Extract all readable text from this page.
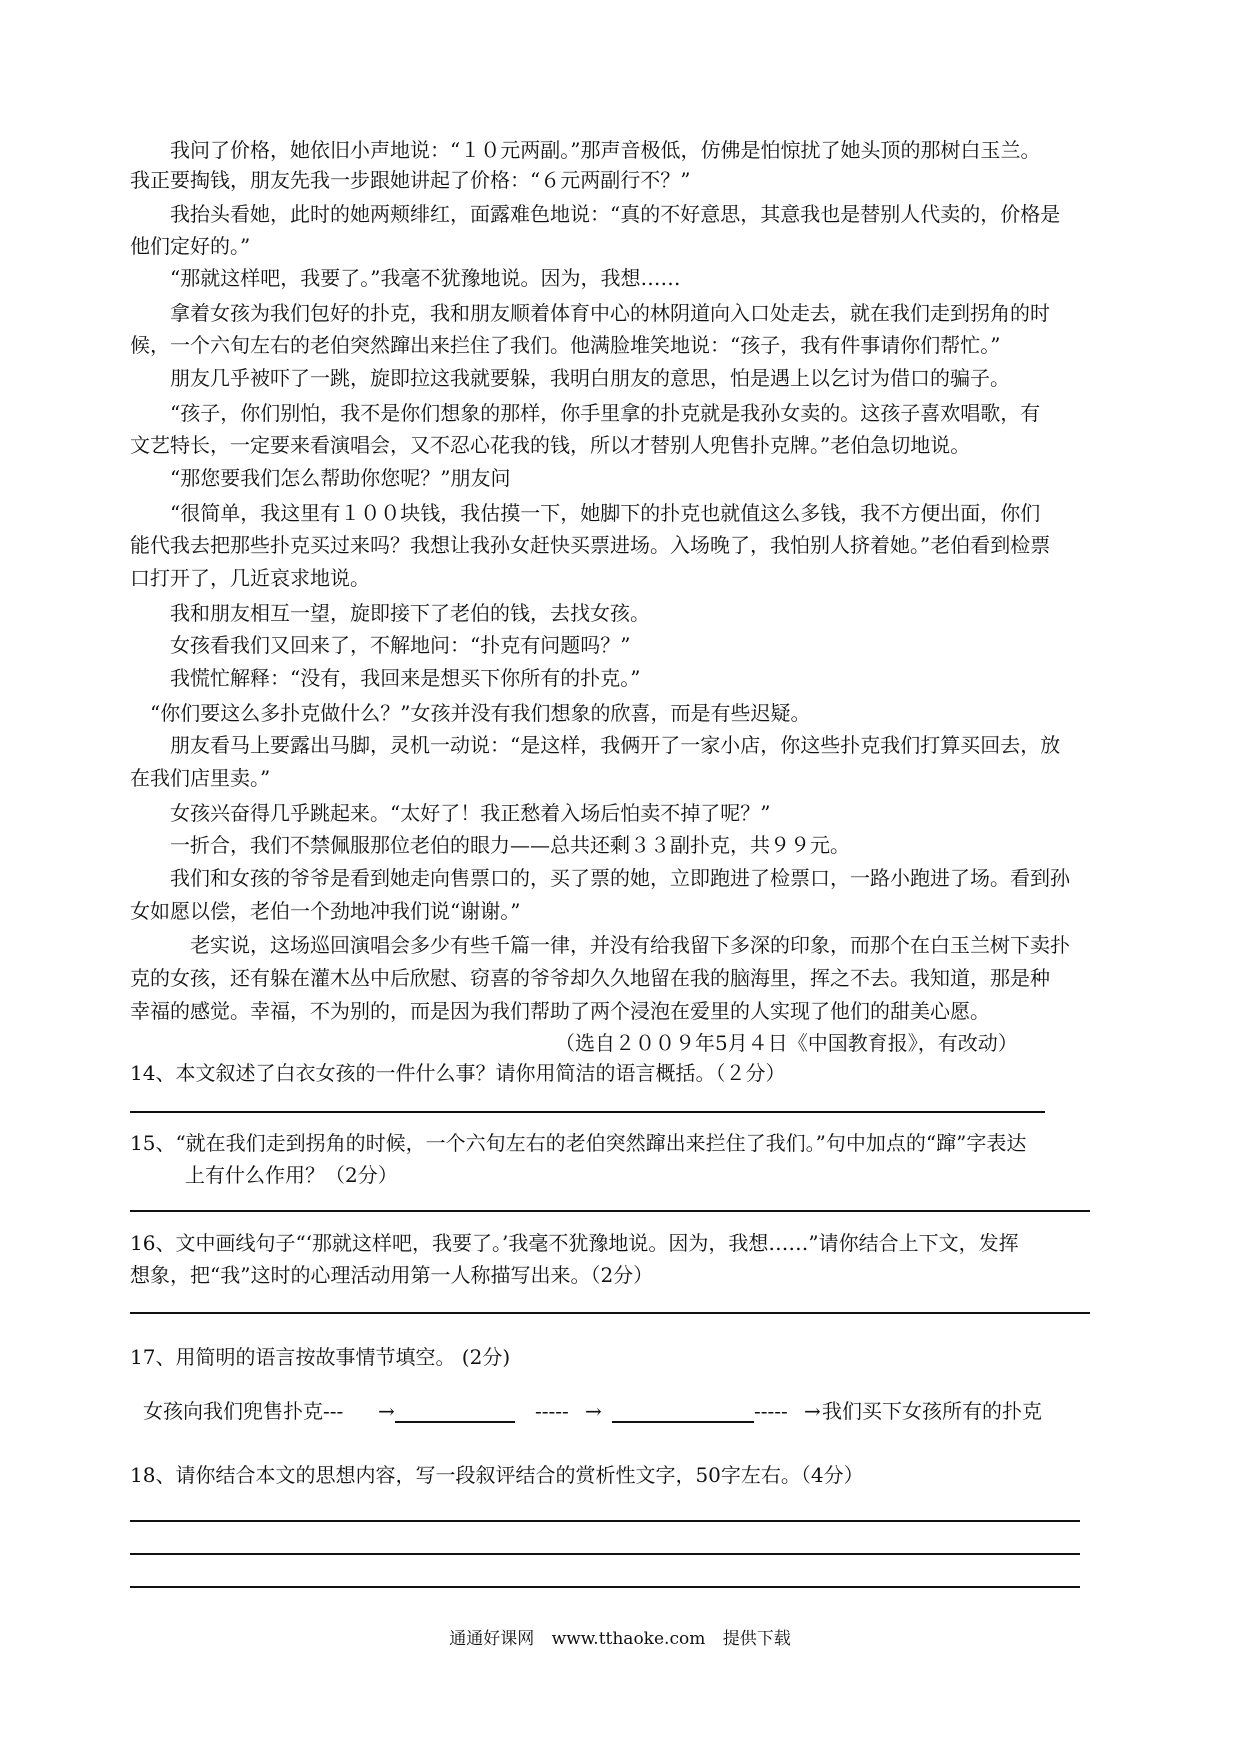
　　我问了价格，她依旧小声地说：“１０元两副。”那声音极低，仿佛是怕惊扰了她头顶的那树白玉兰。
我正要掏钱，朋友先我一步跟她讲起了价格：“６元两副行不？”
　　我抬头看她，此时的她两颊绯红，面露难色地说：“真的不好意思，其意我也是替别人代卖的，价格是
他们定好的。”
　　“那就这样吧，我要了。”我毫不犹豫地说。因为，我想……
　　拿着女孩为我们包好的扑克，我和朋友顺着体育中心的林阴道向入口处走去，就在我们走到拐角的时
候，一个六旬左右的老伯突然蹿出来拦住了我们。他满脸堆笑地说：“孩子，我有件事请你们帮忙。”
　　朋友几乎被吓了一跳，旋即拉这我就要躲，我明白朋友的意思，怕是遇上以乞讨为借口的骗子。
　　“孩子，你们别怕，我不是你们想象的那样，你手里拿的扑克就是我孙女卖的。这孩子喜欢唱歌，有
文艺特长，一定要来看演唱会，又不忍心花我的钱，所以才替别人兜售扑克牌。”老伯急切地说。
　　“那您要我们怎么帮助你您呢？”朋友问
　　“很简单，我这里有１００块钱，我估摸一下，她脚下的扑克也就值这么多钱，我不方便出面，你们
能代我去把那些扑克买过来吗？我想让我孙女赶快买票进场。入场晚了，我怕别人挤着她。”老伯看到检票
口打开了，几近哀求地说。
　　我和朋友相互一望，旋即接下了老伯的钱，去找女孩。
　　女孩看我们又回来了，不解地问：“扑克有问题吗？”
　　我慌忙解释：“没有，我回来是想买下你所有的扑克。”
　“你们要这么多扑克做什么？”女孩并没有我们想象的欣喜，而是有些迟疑。
　　朋友看马上要露出马脚，灵机一动说：“是这样，我俩开了一家小店，你这些扑克我们打算买回去，放
在我们店里卖。”
　　女孩兴奋得几乎跳起来。“太好了！我正愁着入场后怕卖不掉了呢？”
　　一折合，我们不禁佩服那位老伯的眼力——总共还剩３３副扑克，共９９元。
　　我们和女孩的爷爷是看到她走向售票口的，买了票的她，立即跑进了检票口，一路小跑进了场。看到孙
女如愿以偿，老伯一个劲地冲我们说“谢谢。”
　　　老实说，这场巡回演唱会多少有些千篇一律，并没有给我留下多深的印象，而那个在白玉兰树下卖扑
克的女孩，还有躲在灌木丛中后欣慰、窃喜的爷爷却久久地留在我的脑海里，挥之不去。我知道，那是种
幸福的感觉。幸福，不为别的，而是因为我们帮助了两个浸泡在爱里的人实现了他们的甜美心愿。
（选自２００９年5月４日《中国教育报》，有改动）
14、本文叙述了白衣女孩的一件什么事？请你用简洁的语言概括。（２分）
15、“就在我们走到拐角的时候，一个六旬左右的老伯突然蹿出来拦住了我们。”句中加点的“蹿”字表达
上有什么作用？（2分）
16、文中画线句子“‘那就这样吧，我要了。’我毫不犹豫地说。因为，我想……”请你结合上下文，发挥
想象，把“我”这时的心理活动用第一人称描写出来。（2分）
17、用简明的语言按故事情节填空。 (2分)
女孩向我们兜售扑克--- →	----- →	----- → 我们买下女孩所有的扑克
18、请你结合本文的思想内容，写一段叙评结合的赏析性文字，50字左右。（4分）
通通好课网 www.tthaoke.com 提供下载
